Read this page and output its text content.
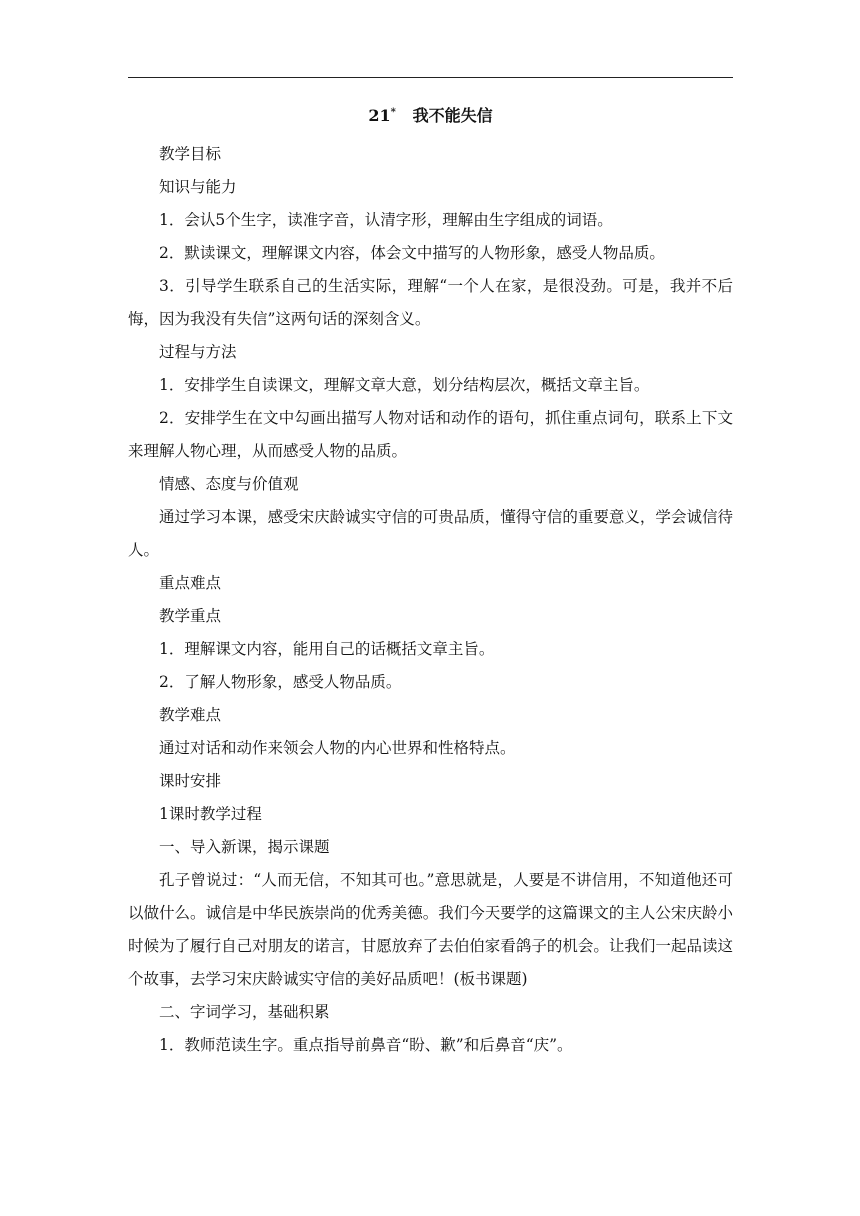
21* 我不能失信

教学目标

知识与能力

1．会认5个生字，读准字音，认清字形，理解由生字组成的词语。

2．默读课文，理解课文内容，体会文中描写的人物形象，感受人物品质。

3．引导学生联系自己的生活实际，理解“一个人在家，是很没劲。可是，我并不后悔，因为我没有失信”这两句话的深刻含义。

过程与方法

1．安排学生自读课文，理解文章大意，划分结构层次，概括文章主旨。

2．安排学生在文中勾画出描写人物对话和动作的语句，抓住重点词句，联系上下文来理解人物心理，从而感受人物的品质。

情感、态度与价值观

通过学习本课，感受宋庆龄诚实守信的可贵品质，懂得守信的重要意义，学会诚信待人。

重点难点

教学重点

1．理解课文内容，能用自己的话概括文章主旨。

2．了解人物形象，感受人物品质。

教学难点

通过对话和动作来领会人物的内心世界和性格特点。

课时安排

1课时教学过程

一、导入新课，揭示课题

孔子曾说过：“人而无信，不知其可也。”意思就是，人要是不讲信用，不知道他还可以做什么。诚信是中华民族崇尚的优秀美德。我们今天要学的这篇课文的主人公宋庆龄小时候为了履行自己对朋友的诺言，甘愿放弃了去伯伯家看鸽子的机会。让我们一起品读这个故事，去学习宋庆龄诚实守信的美好品质吧！(板书课题)

二、字词学习，基础积累

1．教师范读生字。重点指导前鼻音“盼、歉”和后鼻音“庆”。
